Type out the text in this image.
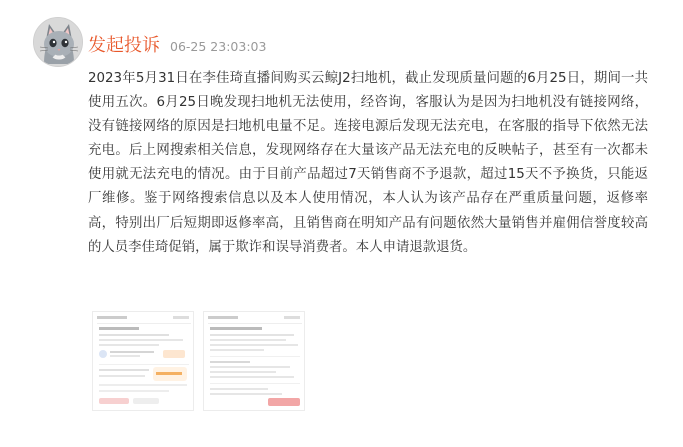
发起投诉 06-25 23:03:03
2023年5月31日在李佳琦直播间购买云鲸J2扫地机，截止发现质量问题的6月25日，期间一共使用五次。6月25日晚发现扫地机无法使用，经咨询，客服认为是因为扫地机没有链接网络，没有链接网络的原因是扫地机电量不足。连接电源后发现无法充电，在客服的指导下依然无法充电。后上网搜索相关信息，发现网络存在大量该产品无法充电的反映帖子，甚至有一次都未使用就无法充电的情况。由于目前产品超过7天销售商不予退款，超过15天不予换货，只能返厂维修。鉴于网络搜索信息以及本人使用情况，本人认为该产品存在严重质量问题，返修率高，特别出厂后短期即返修率高，且销售商在明知产品有问题依然大量销售并雇佣信誉度较高的人员李佳琦促销，属于欺诈和误导消费者。本人申请退款退货。
